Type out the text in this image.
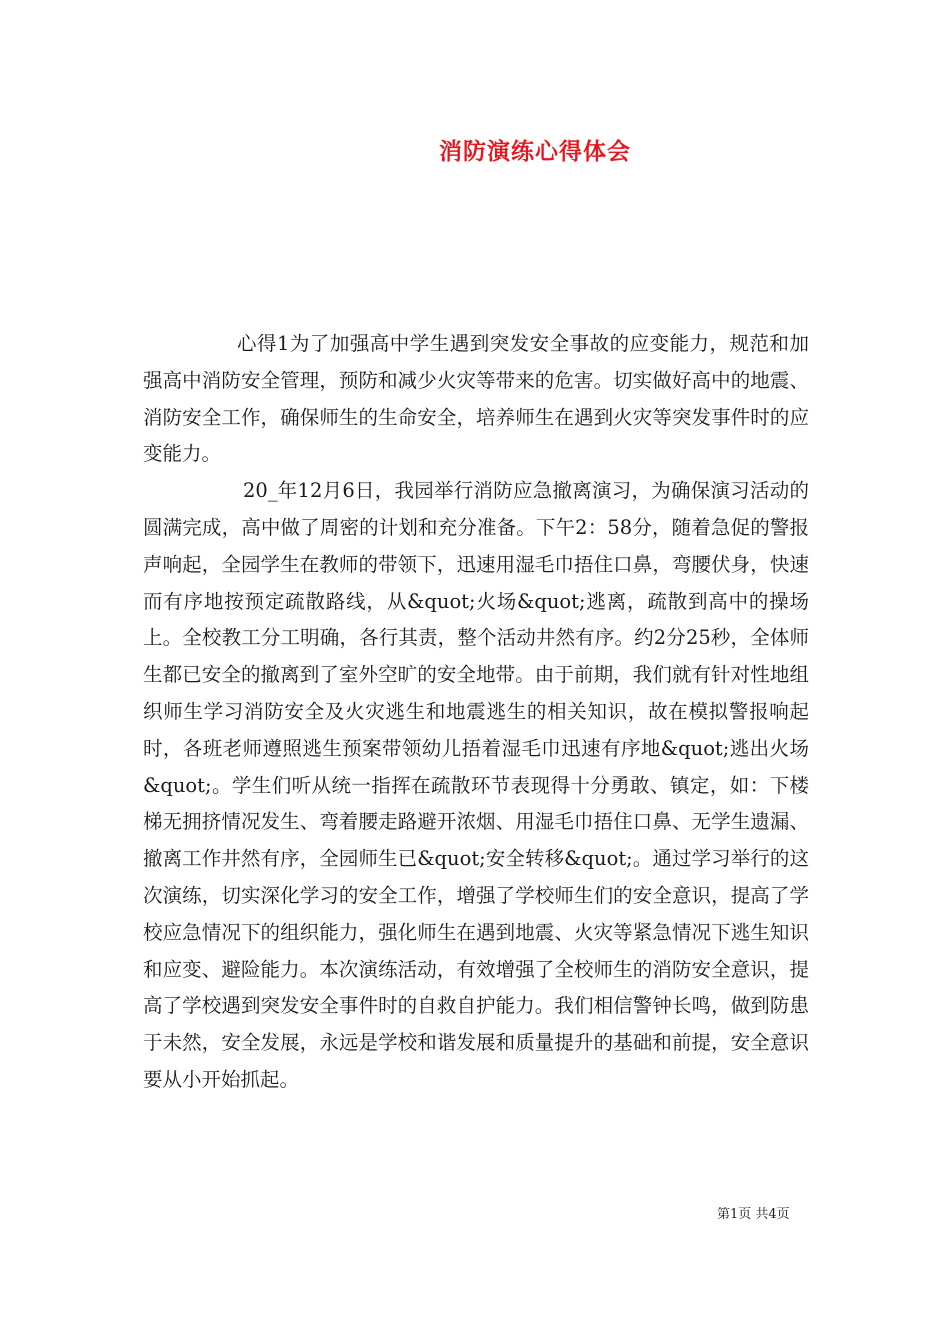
消防演练心得体会

心得1为了加强高中学生遇到突发安全事故的应变能力，规范和加强高中消防安全管理，预防和减少火灾等带来的危害。切实做好高中的地震、消防安全工作，确保师生的生命安全，培养师生在遇到火灾等突发事件时的应变能力。

20_年12月6日，我园举行消防应急撤离演习，为确保演习活动的圆满完成，高中做了周密的计划和充分准备。下午2：58分，随着急促的警报声响起，全园学生在教师的带领下，迅速用湿毛巾捂住口鼻，弯腰伏身，快速而有序地按预定疏散路线，从&quot;火场&quot;逃离，疏散到高中的操场上。全校教工分工明确，各行其责，整个活动井然有序。约2分25秒，全体师生都已安全的撤离到了室外空旷的安全地带。由于前期，我们就有针对性地组织师生学习消防安全及火灾逃生和地震逃生的相关知识，故在模拟警报响起时，各班老师遵照逃生预案带领幼儿捂着湿毛巾迅速有序地&quot;逃出火场&quot;。学生们听从统一指挥在疏散环节表现得十分勇敢、镇定，如：下楼梯无拥挤情况发生、弯着腰走路避开浓烟、用湿毛巾捂住口鼻、无学生遗漏、撤离工作井然有序，全园师生已&quot;安全转移&quot;。通过学习举行的这次演练，切实深化学习的安全工作，增强了学校师生们的安全意识，提高了学校应急情况下的组织能力，强化师生在遇到地震、火灾等紧急情况下逃生知识和应变、避险能力。本次演练活动，有效增强了全校师生的消防安全意识，提高了学校遇到突发安全事件时的自救自护能力。我们相信警钟长鸣，做到防患于未然，安全发展，永远是学校和谐发展和质量提升的基础和前提，安全意识要从小开始抓起。

第1页 共4页
